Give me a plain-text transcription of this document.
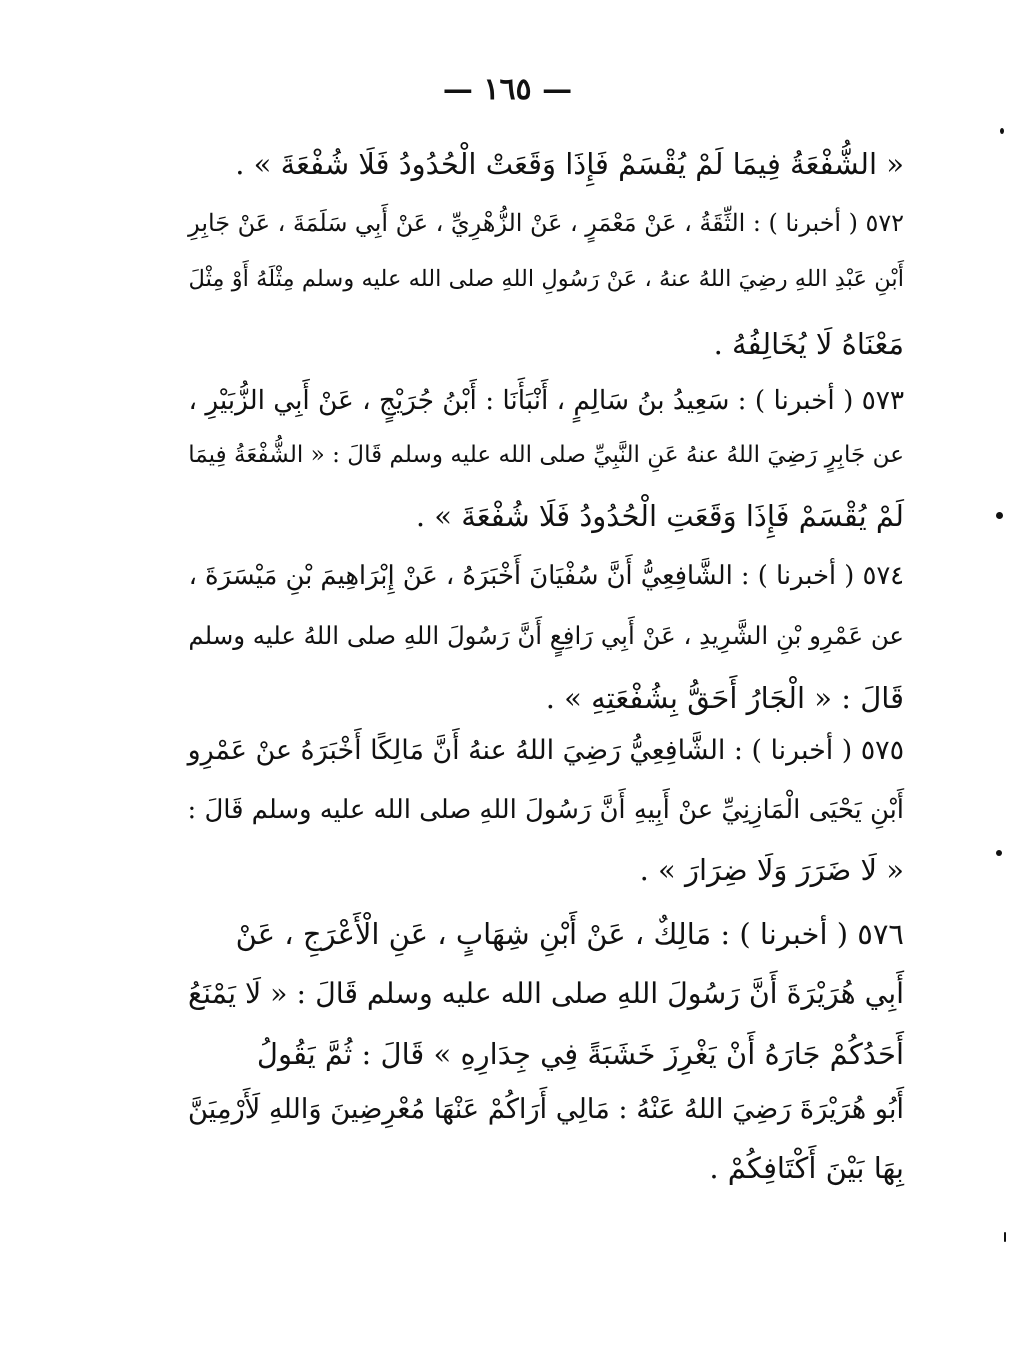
— ١٦٥ —
« الشُّفْعَةُ فِيمَا لَمْ يُقْسَمْ فَإِذَا وَقَعَتْ الْحُدُودُ فَلَا شُفْعَةَ » .
٥٧٢ ( أخبرنا ) : الثِّقَةُ ، عَنْ مَعْمَرٍ ، عَنْ الزُّهْرِيِّ ، عَنْ أَبِي سَلَمَةَ ، عَنْ جَابِرِ
أَبْنِ عَبْدِ اللهِ رضِيَ اللهُ عنهُ ، عَنْ رَسُولِ اللهِ صلى الله عليه وسلم مِثْلَهُ أَوْ مِثْلَ
مَعْنَاهُ لَا يُخَالِفُهُ .
٥٧٣ ( أخبرنا ) : سَعِيدُ بنُ سَالِمٍ ، أَنْبَأَنَا : أَبْنُ جُرَيْجٍ ، عَنْ أَبِي الزُّبَيْرِ ،
عن جَابِرٍ رَضِيَ اللهُ عنهُ عَنِ النَّبِيِّ صلى الله عليه وسلم قَالَ : « الشُّفْعَةُ فِيمَا
لَمْ يُقْسَمْ فَإِذَا وَقَعَتِ الْحُدُودُ فَلَا شُفْعَةَ » .
٥٧٤ ( أخبرنا ) : الشَّافِعِيُّ أَنَّ سُفْيَانَ أَخْبَرَهُ ، عَنْ إِبْرَاهِيمَ بْنِ مَيْسَرَةَ ،
عن عَمْرِو بْنِ الشَّرِيدِ ، عَنْ أَبِي رَافِعٍ أَنَّ رَسُولَ اللهِ صلى اللهُ عليه وسلم
قَالَ : « الْجَارُ أَحَقُّ بِشُفْعَتِهِ » .
٥٧٥ ( أخبرنا ) : الشَّافِعِيُّ رَضِيَ اللهُ عنهُ أَنَّ مَالِكًا أَخْبَرَهُ عنْ عَمْرِو
أَبْنِ يَحْيَى الْمَازِنِيِّ عنْ أَبِيهِ أَنَّ رَسُولَ اللهِ صلى الله عليه وسلم قَالَ :
« لَا ضَرَرَ وَلَا ضِرَارَ » .
٥٧٦ ( أخبرنا ) : مَالِكٌ ، عَنْ أَبْنِ شِهَابٍ ، عَنِ الْأَعْرَجِ ، عَنْ
أَبِي هُرَيْرَةَ أَنَّ رَسُولَ اللهِ صلى الله عليه وسلم قَالَ : « لَا يَمْنَعُ
أَحَدُكُمْ جَارَهُ أَنْ يَغْرِزَ خَشَبَةً فِي جِدَارِهِ » قَالَ : ثُمَّ يَقُولُ
أَبُو هُرَيْرَةَ رَضِيَ اللهُ عَنْهُ : مَالِي أَرَاكُمْ عَنْهَا مُعْرِضِينَ وَاللهِ لَأَرْمِيَنَّ
بِهَا بَيْنَ أَكْتَافِكُمْ .
